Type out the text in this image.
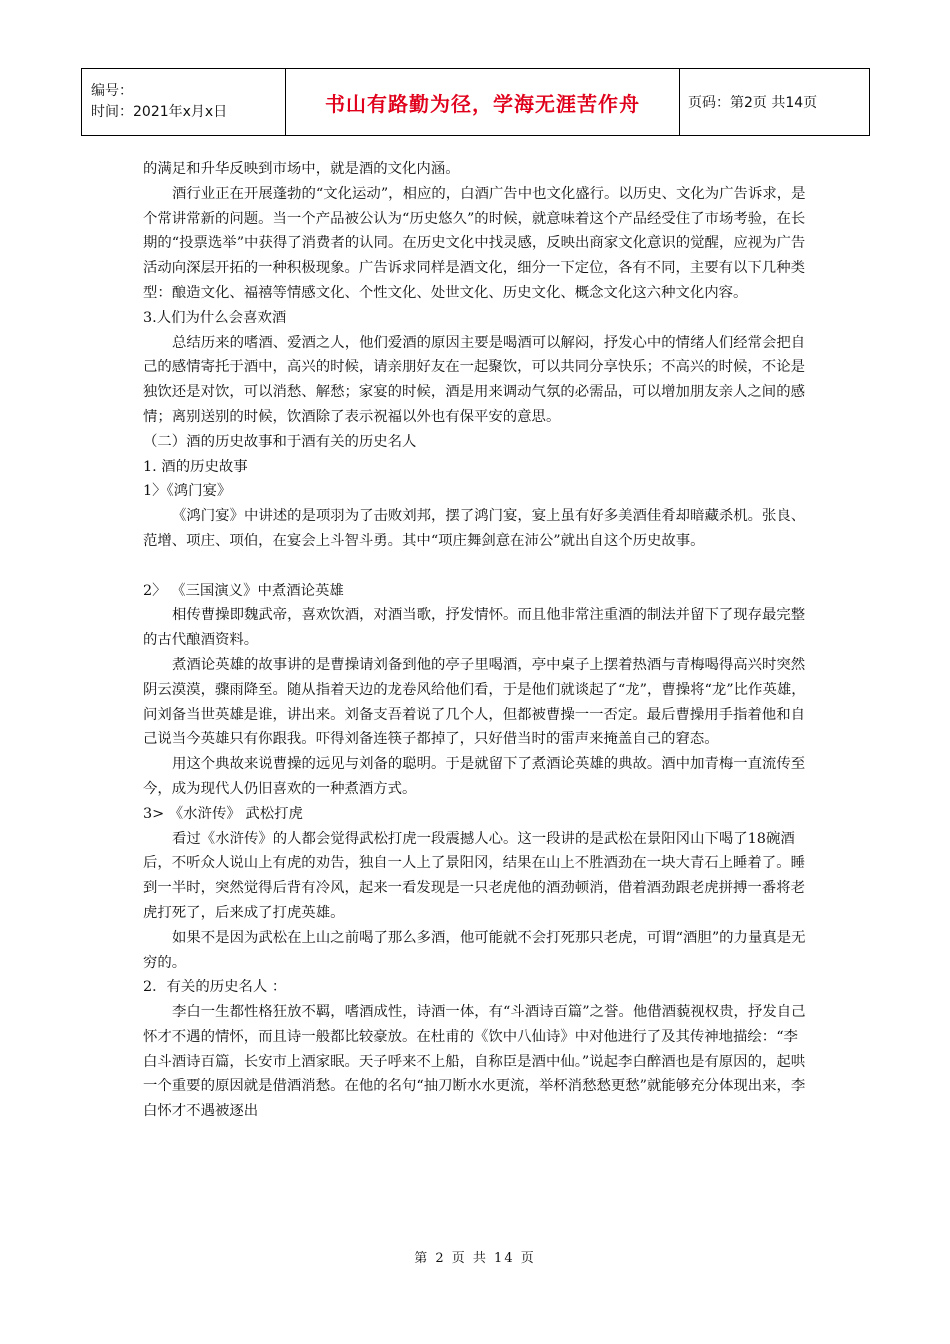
编号：
时间：2021年x月x日	书山有路勤为径，学海无涯苦作舟	页码：第2页 共14页

的满足和升华反映到市场中，就是酒的文化内涵。

酒行业正在开展蓬勃的“文化运动”，相应的，白酒广告中也文化盛行。以历史、文化为广告诉求，是个常讲常新的问题。当一个产品被公认为“历史悠久”的时候，就意味着这个产品经受住了市场考验，在长期的“投票选举”中获得了消费者的认同。在历史文化中找灵感，反映出商家文化意识的觉醒，应视为广告活动向深层开拓的一种积极现象。广告诉求同样是酒文化，细分一下定位，各有不同，主要有以下几种类型：酿造文化、福禧等情感文化、个性文化、处世文化、历史文化、概念文化这六种文化内容。

3.人们为什么会喜欢酒

总结历来的嗜酒、爱酒之人，他们爱酒的原因主要是喝酒可以解闷，抒发心中的情绪人们经常会把自己的感情寄托于酒中，高兴的时候，请亲朋好友在一起聚饮，可以共同分享快乐；不高兴的时候，不论是独饮还是对饮，可以消愁、解愁；家宴的时候，酒是用来调动气氛的必需品，可以增加朋友亲人之间的感情；离别送别的时候，饮酒除了表示祝福以外也有保平安的意思。

（二）酒的历史故事和于酒有关的历史名人

1. 酒的历史故事

1〉《鸿门宴》

《鸿门宴》中讲述的是项羽为了击败刘邦，摆了鸿门宴，宴上虽有好多美酒佳肴却暗藏杀机。张良、范增、项庄、项伯，在宴会上斗智斗勇。其中“项庄舞剑意在沛公”就出自这个历史故事。

2〉 《三国演义》中煮酒论英雄

相传曹操即魏武帝，喜欢饮酒，对酒当歌，抒发情怀。而且他非常注重酒的制法并留下了现存最完整的古代酿酒资料。

煮酒论英雄的故事讲的是曹操请刘备到他的亭子里喝酒，亭中桌子上摆着热酒与青梅喝得高兴时突然阴云漠漠，骤雨降至。随从指着天边的龙卷风给他们看，于是他们就谈起了“龙”，曹操将“龙”比作英雄，问刘备当世英雄是谁，讲出来。刘备支吾着说了几个人，但都被曹操一一否定。最后曹操用手指着他和自己说当今英雄只有你跟我。吓得刘备连筷子都掉了，只好借当时的雷声来掩盖自己的窘态。

用这个典故来说曹操的远见与刘备的聪明。于是就留下了煮酒论英雄的典故。酒中加青梅一直流传至今，成为现代人仍旧喜欢的一种煮酒方式。

3> 《水浒传》 武松打虎

看过《水浒传》的人都会觉得武松打虎一段震撼人心。这一段讲的是武松在景阳冈山下喝了18碗酒后，不听众人说山上有虎的劝告，独自一人上了景阳冈，结果在山上不胜酒劲在一块大青石上睡着了。睡到一半时，突然觉得后背有冷风，起来一看发现是一只老虎他的酒劲顿消，借着酒劲跟老虎拼搏一番将老虎打死了，后来成了打虎英雄。

如果不是因为武松在上山之前喝了那么多酒，他可能就不会打死那只老虎，可谓“酒胆”的力量真是无穷的。

2．有关的历史名人 ：

李白一生都性格狂放不羁，嗜酒成性，诗酒一体，有“斗酒诗百篇”之誉。他借酒藐视权贵，抒发自己怀才不遇的情怀，而且诗一般都比较豪放。在杜甫的《饮中八仙诗》中对他进行了及其传神地描绘：“李白斗酒诗百篇，长安市上酒家眠。天子呼来不上船，自称臣是酒中仙。”说起李白醉酒也是有原因的，起哄一个重要的原因就是借酒消愁。在他的名句“抽刀断水水更流，举杯消愁愁更愁”就能够充分体现出来，李白怀才不遇被逐出

第 2 页 共 14 页
